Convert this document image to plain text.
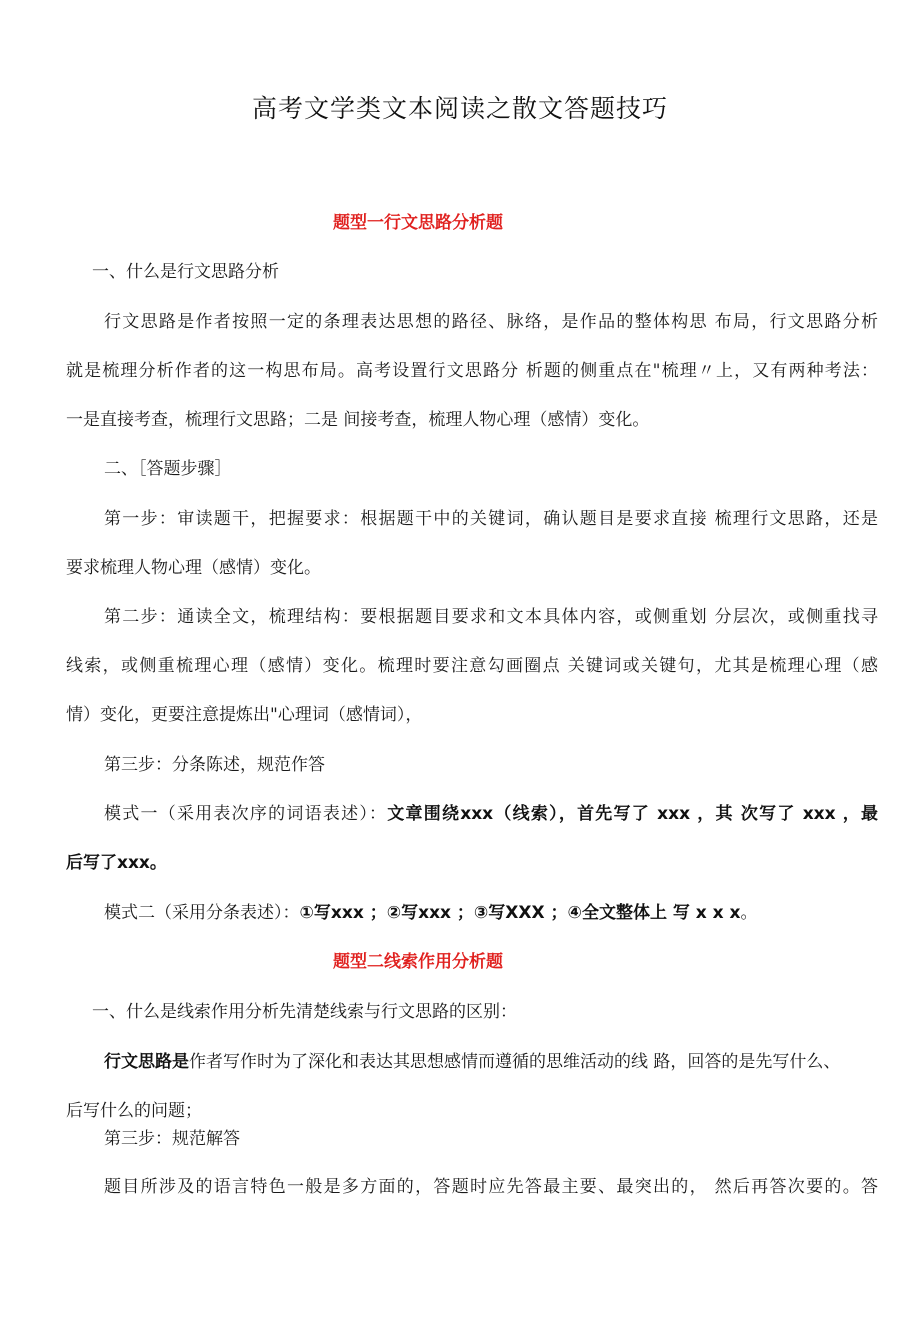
高考文学类文本阅读之散文答题技巧
题型一行文思路分析题
一、什么是行文思路分析
行文思路是作者按照一定的条理表达思想的路径、脉络，是作品的整体构思 布局，行文思路分析
就是梳理分析作者的这一构思布局。高考设置行文思路分 析题的侧重点在"梳理〃上，又有两种考法：
一是直接考查，梳理行文思路；二是 间接考查，梳理人物心理（感情）变化。
二、［答题步骤］
第一步：审读题干，把握要求：根据题干中的关键词，确认题目是要求直接 梳理行文思路，还是
要求梳理人物心理（感情）变化。
第二步：通读全文，梳理结构：要根据题目要求和文本具体内容，或侧重划 分层次，或侧重找寻
线索，或侧重梳理心理（感情）变化。梳理时要注意勾画圈点 关键词或关键句，尤其是梳理心理（感
情）变化，更要注意提炼出"心理词（感情词），
第三步：分条陈述，规范作答
模式一（采用表次序的词语表述）：文章围绕xxx（线索），首先写了 xxx ，其 次写了 xxx ，最
后写了xxx。
模式二（采用分条表述）：①写xxx ；②写xxx ；③写XXX ；④全文整体上 写 x x x。
题型二线索作用分析题
一、什么是线索作用分析先清楚线索与行文思路的区别：
行文思路是作者写作时为了深化和表达其思想感情而遵循的思维活动的线 路，回答的是先写什么、
后写什么的问题；
第三步：规范解答
题目所涉及的语言特色一般是多方面的，答题时应先答最主要、最突出的， 然后再答次要的。答
